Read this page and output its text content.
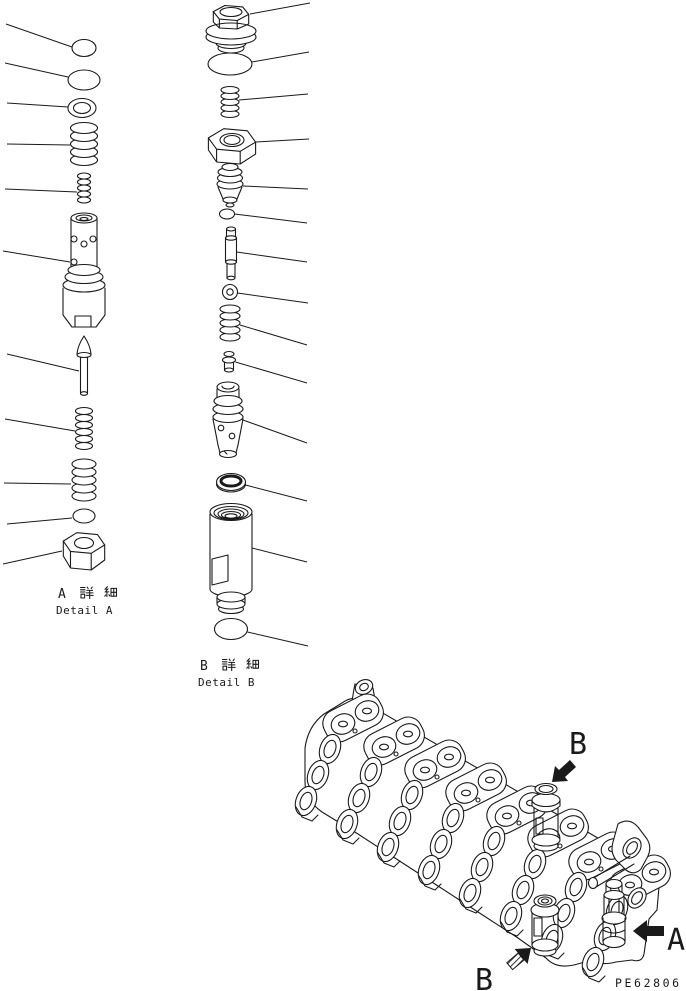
A
Detail A
B
Detail B
B
A
B	PE62806
